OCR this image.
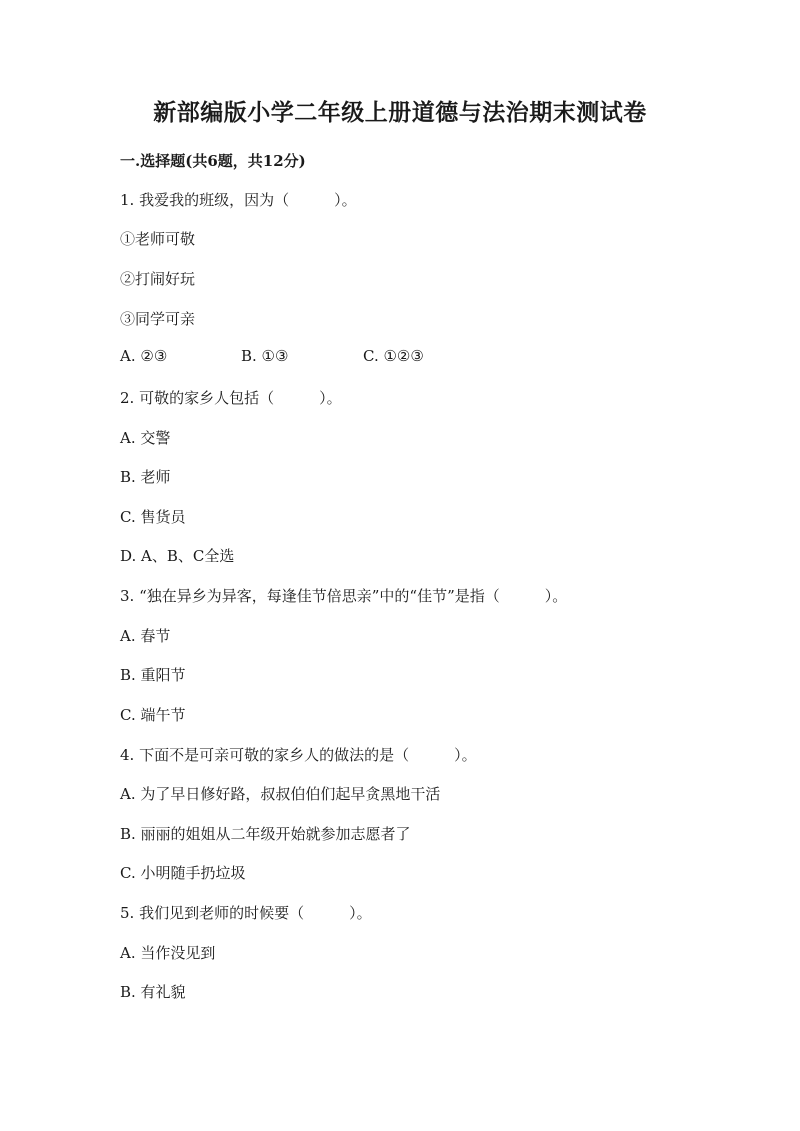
新部编版小学二年级上册道德与法治期末测试卷
一.选择题(共6题，共12分)
1. 我爱我的班级，因为（　　　）。
①老师可敬
②打闹好玩
③同学可亲
A. ②③	B. ①③	C. ①②③
2. 可敬的家乡人包括（　　　）。
A. 交警
B. 老师
C. 售货员
D. A、B、C全选
3. “独在异乡为异客，每逢佳节倍思亲”中的“佳节”是指（　　　）。
A. 春节
B. 重阳节
C. 端午节
4. 下面不是可亲可敬的家乡人的做法的是（　　　）。
A. 为了早日修好路，叔叔伯伯们起早贪黑地干活
B. 丽丽的姐姐从二年级开始就参加志愿者了
C. 小明随手扔垃圾
5. 我们见到老师的时候要（　　　）。
A. 当作没见到
B. 有礼貌
